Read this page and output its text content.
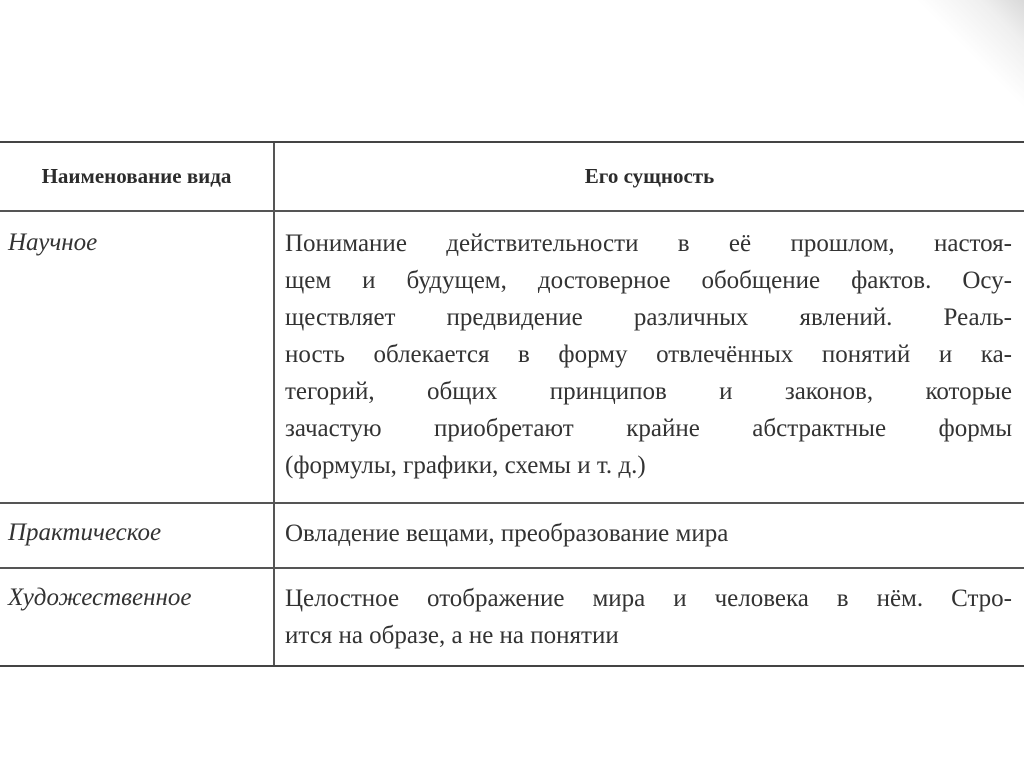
Наименование вида	Его сущность
Научное	Понимание действительности в её прошлом, настоя-
щем и будущем, достоверное обобщение фактов. Осу-
ществляет предвидение различных явлений. Реаль-
ность облекается в форму отвлечённых понятий и ка-
тегорий, общих принципов и законов, которые
зачастую приобретают крайне абстрактные формы
(формулы, графики, схемы и т. д.)
Практическое	Овладение вещами, преобразование мира
Художественное	Целостное отображение мира и человека в нём. Стро-
ится на образе, а не на понятии
